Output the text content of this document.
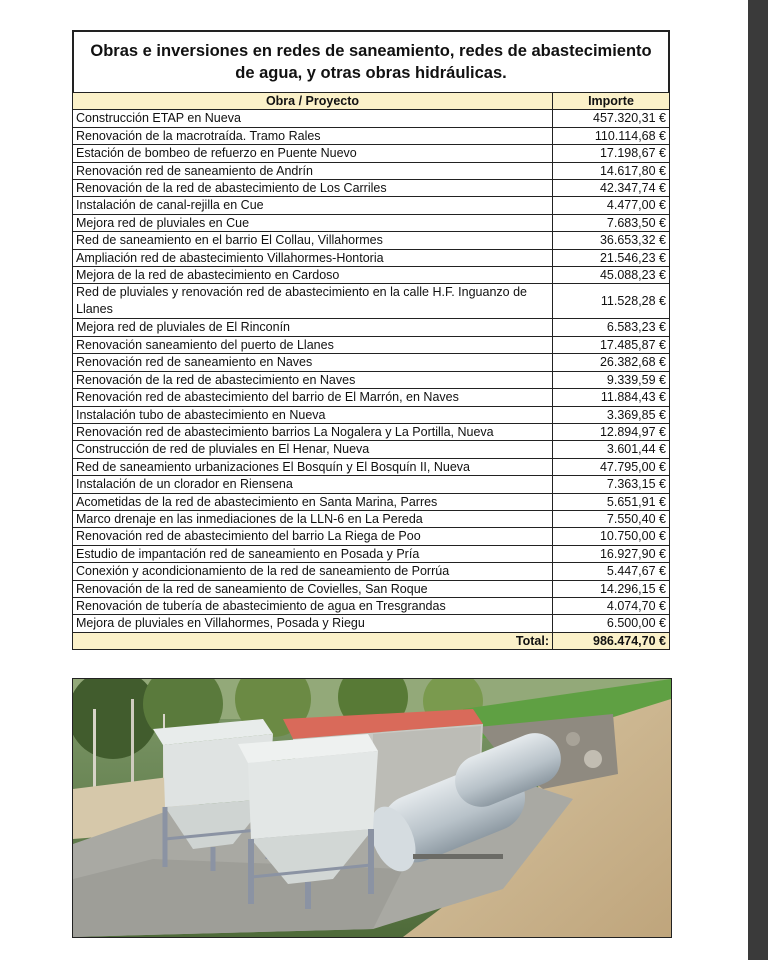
Obras e inversiones en redes de saneamiento, redes de abastecimiento de agua, y otras obras hidráulicas.
Obra / Proyecto	Importe
Construcción ETAP en Nueva	457.320,31 €
Renovación de la macrotraída. Tramo Rales	110.114,68 €
Estación de bombeo de refuerzo en Puente Nuevo	17.198,67 €
Renovación red de saneamiento de Andrín	14.617,80 €
Renovación de la red de abastecimiento de Los Carriles	42.347,74 €
Instalación de canal-rejilla en Cue	4.477,00 €
Mejora red de pluviales en Cue	7.683,50 €
Red de saneamiento en el barrio El Collau, Villahormes	36.653,32 €
Ampliación red de abastecimiento Villahormes-Hontoria	21.546,23 €
Mejora de la red de abastecimiento en Cardoso	45.088,23 €
Red de pluviales y renovación red de abastecimiento en la calle H.F. Inguanzo de Llanes	11.528,28 €
Mejora red de pluviales de El Rinconín	6.583,23 €
Renovación saneamiento del puerto de Llanes	17.485,87 €
Renovación red de saneamiento en Naves	26.382,68 €
Renovación de la red de abastecimiento en Naves	9.339,59 €
Renovación red de abastecimiento del barrio de El Marrón, en Naves	11.884,43 €
Instalación tubo de abastecimiento en Nueva	3.369,85 €
Renovación red de abastecimiento barrios La Nogalera y La Portilla, Nueva	12.894,97 €
Construcción de red de pluviales en El Henar, Nueva	3.601,44 €
Red de saneamiento urbanizaciones El Bosquín y El Bosquín II, Nueva	47.795,00 €
Instalación de un clorador en Riensena	7.363,15 €
Acometidas de la red de abastecimiento en Santa Marina, Parres	5.651,91 €
Marco drenaje en las inmediaciones de la LLN-6 en La Pereda	7.550,40 €
Renovación red de abastecimiento del barrio La Riega de Poo	10.750,00 €
Estudio de impantación red de saneamiento en Posada y Pría	16.927,90 €
Conexión y acondicionamiento de la red de saneamiento de Porrúa	5.447,67 €
Renovación de la red de saneamiento de Covielles, San Roque	14.296,15 €
Renovación de tubería de abastecimiento de agua en Tresgrandas	4.074,70 €
Mejora de pluviales en Villahormes, Posada y Riegu	6.500,00 €
Total:	986.474,70 €
